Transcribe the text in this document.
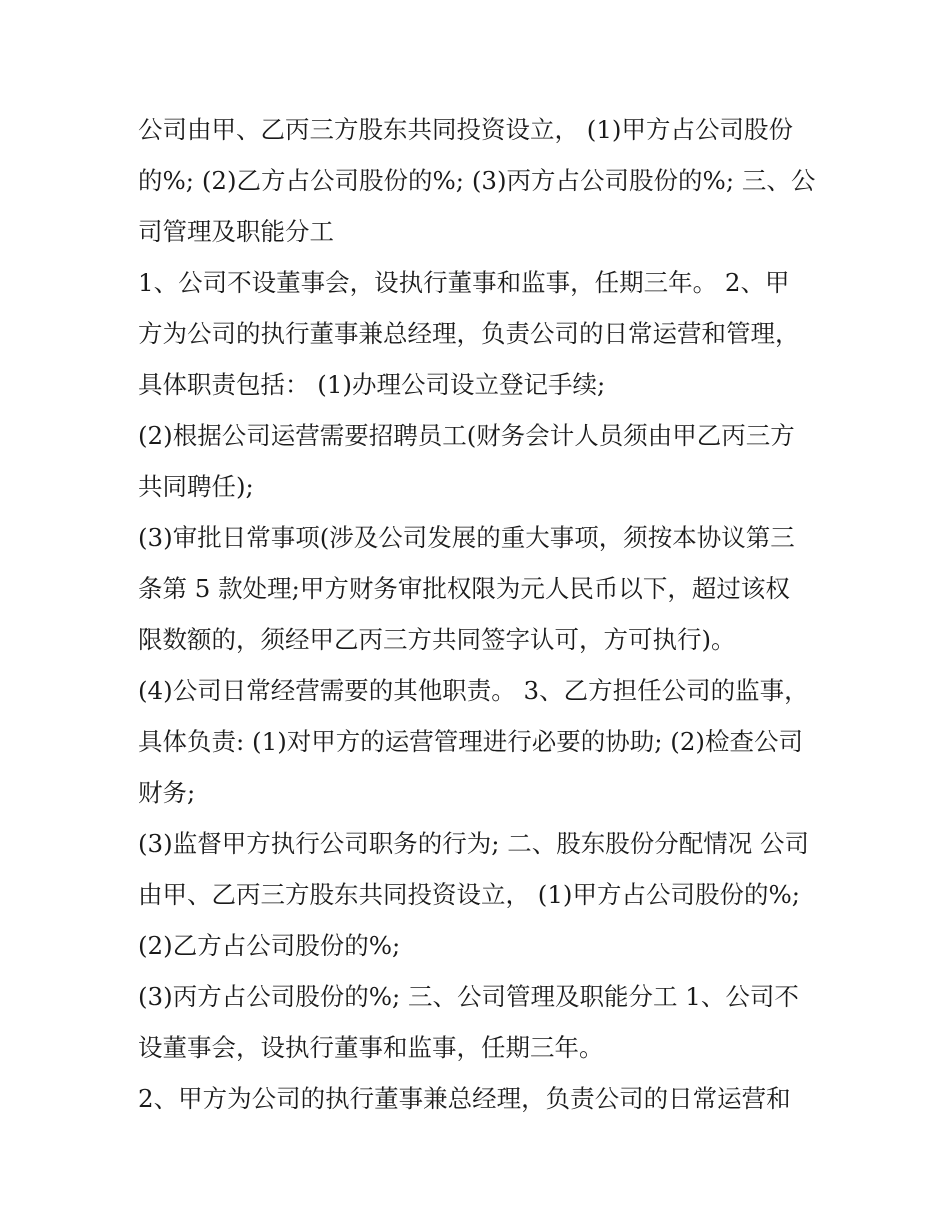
公司由甲、乙丙三方股东共同投资设立， (1)甲方占公司股份
的%; (2)乙方占公司股份的%; (3)丙方占公司股份的%; 三、公
司管理及职能分工
1、公司不设董事会，设执行董事和监事，任期三年。 2、甲
方为公司的执行董事兼总经理，负责公司的日常运营和管理，
具体职责包括： (1)办理公司设立登记手续;
(2)根据公司运营需要招聘员工(财务会计人员须由甲乙丙三方
共同聘任);
(3)审批日常事项(涉及公司发展的重大事项，须按本协议第三
条第 5 款处理;甲方财务审批权限为元人民币以下，超过该权
限数额的，须经甲乙丙三方共同签字认可，方可执行)。
(4)公司日常经营需要的其他职责。 3、乙方担任公司的监事，
具体负责: (1)对甲方的运营管理进行必要的协助; (2)检查公司
财务;
(3)监督甲方执行公司职务的行为; 二、股东股份分配情况 公司
由甲、乙丙三方股东共同投资设立， (1)甲方占公司股份的%;
(2)乙方占公司股份的%;
(3)丙方占公司股份的%; 三、公司管理及职能分工 1、公司不
设董事会，设执行董事和监事，任期三年。
2、甲方为公司的执行董事兼总经理，负责公司的日常运营和
